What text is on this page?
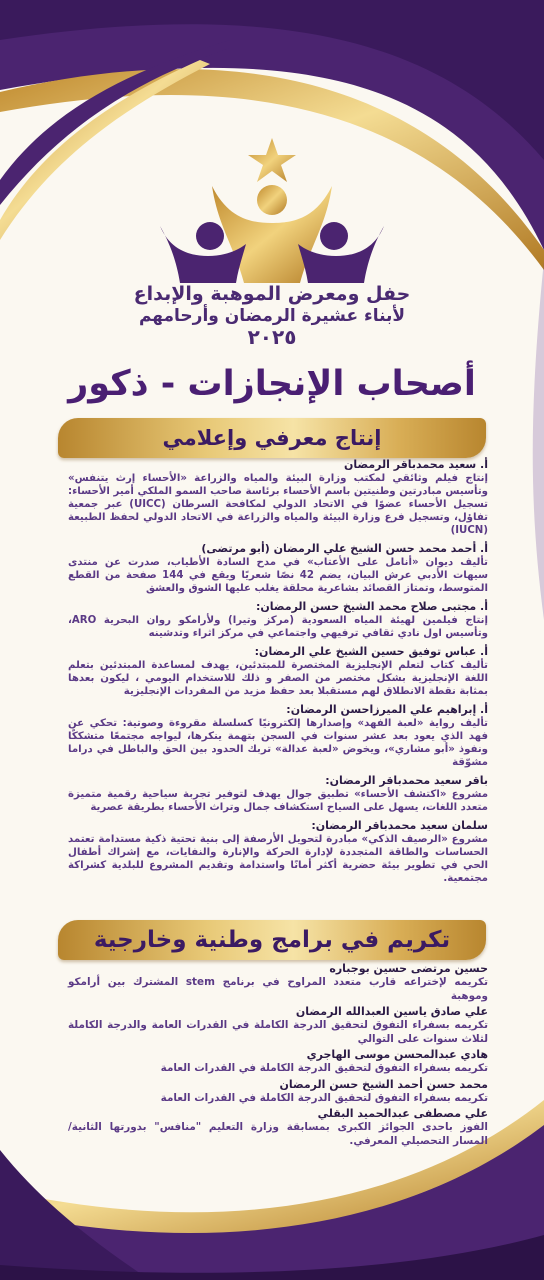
حفل ومعرض الموهبة والإبداع
لأبناء عشيرة الرمضان وأرحامهم
٢٠٢٥
أصحاب الإنجازات - ذكور
إنتاج معرفي وإعلامي
أ. سعيد محمدباقر الرمضان
إنتاج فيلم وثائقي لمكتب وزارة البيئة والمياه والزراعة «الأحساء إرث يتنفس» وتأسيس مبادرتين وطنيتين باسم الأحساء برئاسة صاحب السمو الملكي أمير الأحساء: تسجيل الأحساء عضوًا في الاتحاد الدولي لمكافحة السرطان (UICC) عبر جمعية تفاؤل، وتسجيل فرع وزارة البيئة والمياه والزراعة في الاتحاد الدولي لحفظ الطبيعة (IUCN)
أ. أحمد محمد حسن الشيخ علي الرمضان (أبو مرتضى)
تأليف ديوان «أنامل على الأعتاب» في مدح السادة الأطياب، صدرت عن منتدى سيهات الأدبي عرش البيان، يضم 42 نصًا شعريًا ويقع في 144 صفحة من القطع المتوسط، وتمتاز القصائد بشاعرية محلقة يغلب عليها الشوق والعشق
أ. مجتبى صلاح محمد الشيخ حسن الرمضان:
إنتاج فيلمين لهيئة المياه السعودية (مركز وتيرا) ولأرامكو روان البحرية ARO، وتأسيس اول نادي ثقافي ترفيهي واجتماعي في مركز اثراء وتدشينه
أ. عباس توفيق حسين الشيخ علي الرمضان:
تأليف كتاب لتعلم الإنجليزية المختصرة للمبتدئين، يهدف لمساعدة المبتدئين بتعلم اللغة الإنجليزية بشكل مختصر من الصفر و ذلك للاستخدام اليومي ، ليكون بعدها بمثابة نقطة الانطلاق لهم مستقبلا بعد حفظ مزيد من المفردات الإنجليزية
أ. إبراهيم علي الميرزاحسن الرمضان:
تأليف رواية «لعبة الفهد» وإصدارها إلكترونيًا كسلسلة مقروءة وصوتية: تحكي عن فهد الذي يعود بعد عشر سنوات في السجن بتهمة ينكرها، ليواجه مجتمعًا متشككًا ونفوذ «أبو مشاري»، ويخوض «لعبة عدالة» تربك الحدود بين الحق والباطل في دراما مشوّقة
باقر سعيد محمدباقر الرمضان:
مشروع «اكتشف الأحساء» تطبيق جوال يهدف لتوفير تجربة سياحية رقمية متميزة متعدد اللغات، يسهل على السياح استكشاف جمال وتراث الأحساء بطريقة عصرية
سلمان سعيد محمدباقر الرمضان:
مشروع «الرصيف الذكي» مبادرة لتحويل الأرصفة إلى بنية تحتية ذكية مستدامة تعتمد الحساسات والطاقة المتجددة لإدارة الحركة والإنارة والنفايات، مع إشراك أطفال الحي في تطوير بيئة حضرية أكثر أمانًا واستدامة وتقديم المشروع للبلدية كشراكة مجتمعية.
تكريم في برامج وطنية وخارجية
حسين مرتضى حسين بوجباره
تكريمه لإختراعه قارب متعدد المراوح في برنامج stem المشترك بين أرامكو وموهبة
علي صادق ياسين العبدالله الرمضان
تكريمه بسفراء التفوق لتحقيق الدرجة الكاملة في القدرات العامة والدرجة الكاملة لثلاث سنوات على التوالي
هادي عبدالمحسن موسى الهاجري
تكريمه بسفراء التفوق لتحقيق الدرجة الكاملة في القدرات العامة
محمد حسن أحمد الشيخ حسن الرمضان
تكريمه بسفراء التفوق لتحقيق الدرجة الكاملة في القدرات العامة
علي مصطفى عبدالحميد البقلي
الفوز باحدى الجوائز الكبرى بمسابقة وزارة التعليم "منافس" بدورتها الثانية/ المسار التحصيلي المعرفي.
